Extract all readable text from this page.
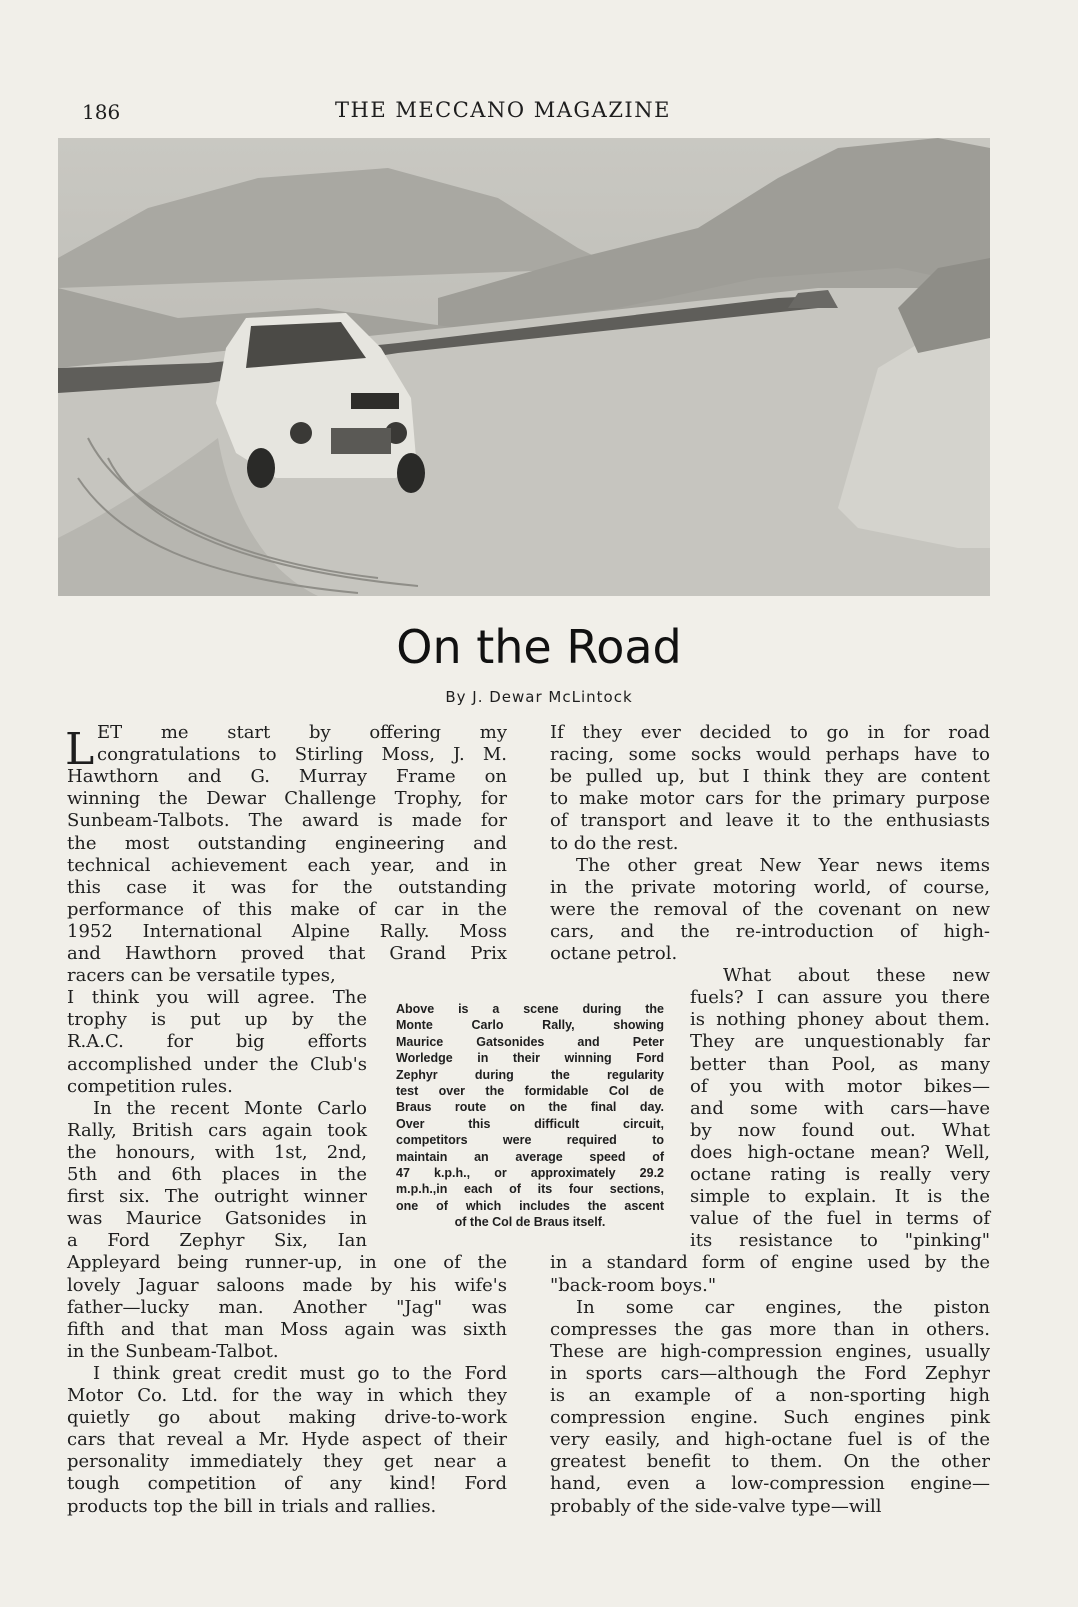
186	THE MECCANO MAGAZINE
On the Road
By J. Dewar McLintock
L ET me start by offering my
congratulations to Stirling Moss, J. M.
Hawthorn and G. Murray Frame on
winning the Dewar Challenge Trophy, for
Sunbeam-Talbots. The award is made for
the most outstanding engineering and
technical achievement each year, and in
this case it was for the outstanding
performance of this make of car in the
1952 International Alpine Rally. Moss
and Hawthorn proved that Grand Prix
racers can be versatile types,
I think you will agree. The
trophy is put up by the
R.A.C. for big efforts
accomplished under the Club's
competition rules.
In the recent Monte Carlo
Rally, British cars again took
the honours, with 1st, 2nd,
5th and 6th places in the
first six. The outright winner
was Maurice Gatsonides in
a Ford Zephyr Six, Ian
Appleyard being runner-up, in one of the
lovely Jaguar saloons made by his wife's
father—lucky man. Another "Jag" was
fifth and that man Moss again was sixth
in the Sunbeam-Talbot.
I think great credit must go to the Ford
Motor Co. Ltd. for the way in which they
quietly go about making drive-to-work
cars that reveal a Mr. Hyde aspect of their
personality immediately they get near a
tough competition of any kind! Ford
products top the bill in trials and rallies.
If they ever decided to go in for road
racing, some socks would perhaps have to
be pulled up, but I think they are content
to make motor cars for the primary purpose
of transport and leave it to the enthusiasts
to do the rest.
The other great New Year news items
in the private motoring world, of course,
were the removal of the covenant on new
cars, and the re-introduction of high-
octane petrol.
What about these new
fuels? I can assure you there
is nothing phoney about them.
They are unquestionably far
better than Pool, as many
of you with motor bikes—
and some with cars—have
by now found out. What
does high-octane mean? Well,
octane rating is really very
simple to explain. It is the
value of the fuel in terms of
its resistance to "pinking"
in a standard form of engine used by the
"back-room boys."
In some car engines, the piston
compresses the gas more than in others.
These are high-compression engines, usually
in sports cars—although the Ford Zephyr
is an example of a non-sporting high
compression engine. Such engines pink
very easily, and high-octane fuel is of the
greatest benefit to them. On the other
hand, even a low-compression engine—
probably of the side-valve type—will
Above is a scene during the
Monte Carlo Rally, showing
Maurice Gatsonides and Peter
Worledge in their winning Ford
Zephyr during the regularity
test over the formidable Col de
Braus route on the final day.
Over this difficult circuit,
competitors were required to
maintain an average speed of
47 k.p.h., or approximately 29.2
m.p.h.,in each of its four sections,
one of which includes the ascent
of the Col de Braus itself.
